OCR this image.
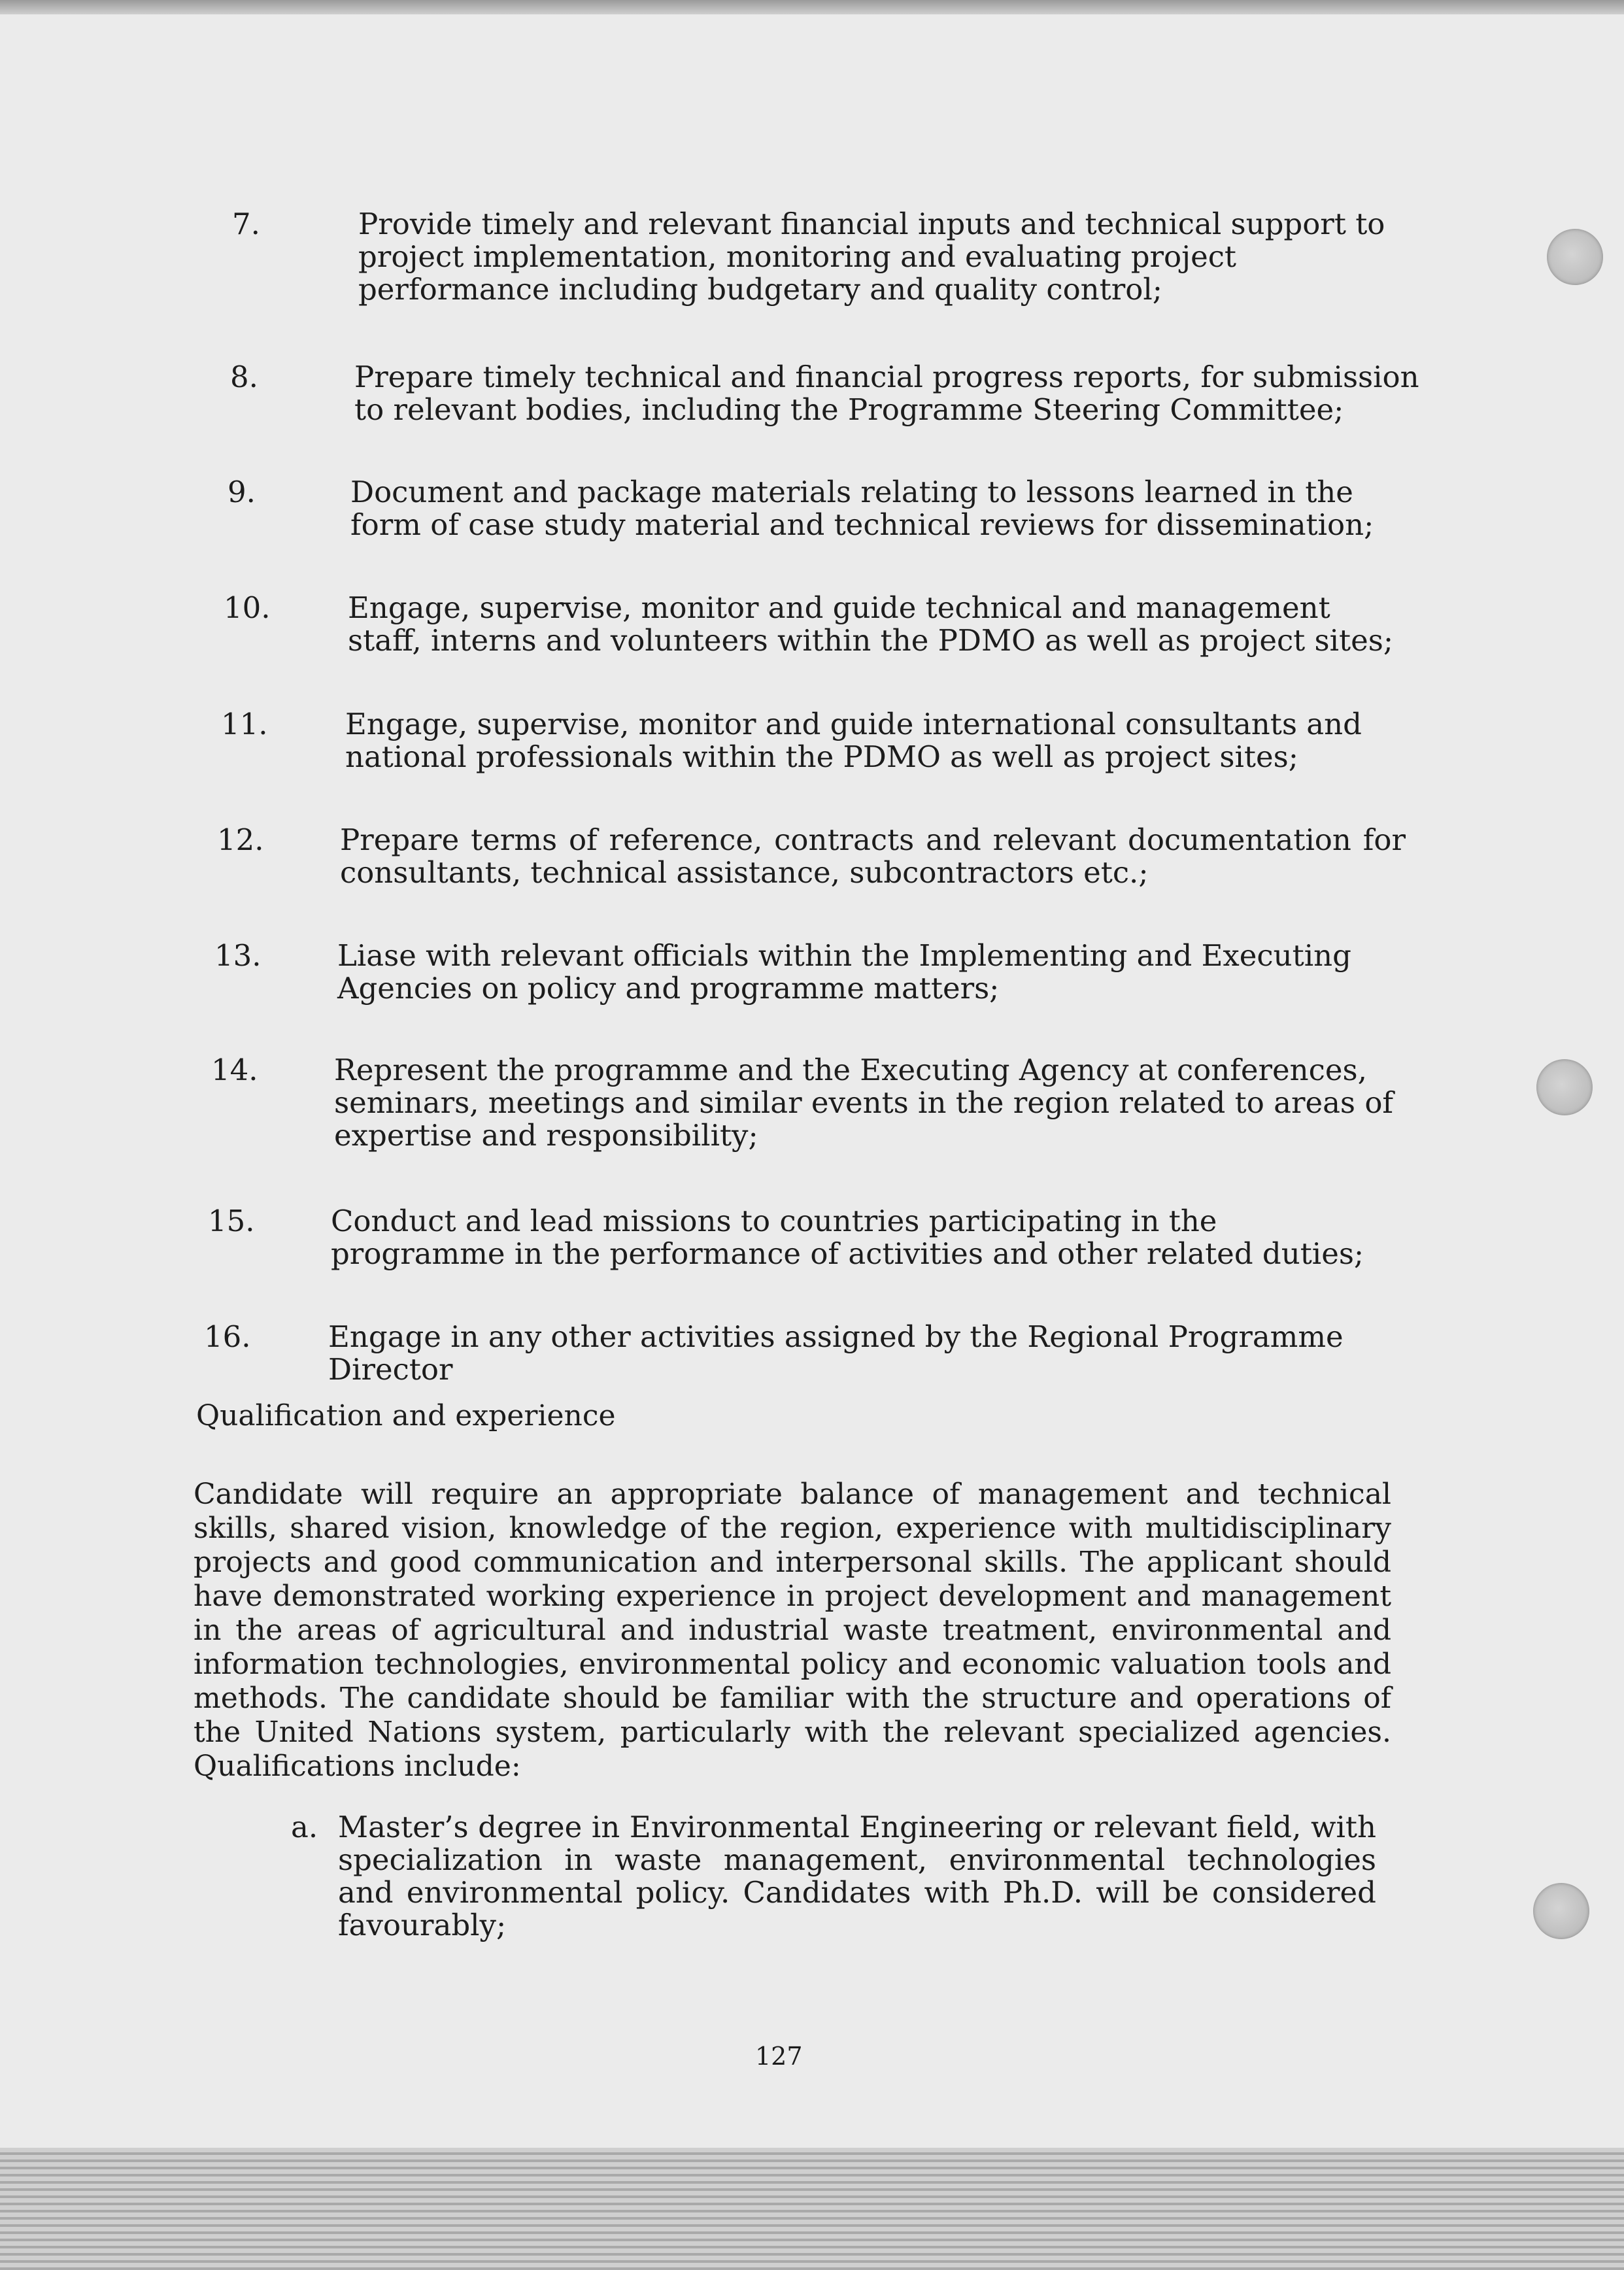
7.	Provide timely and relevant financial inputs and technical support to project implementation, monitoring and evaluating project performance including budgetary and quality control;
8.	Prepare timely technical and financial progress reports, for submission to relevant bodies, including the Programme Steering Committee;
9.	Document and package materials relating to lessons learned in the form of case study material and technical reviews for dissemination;
10.	Engage, supervise, monitor and guide technical and management staff, interns and volunteers within the PDMO as well as project sites;
11.	Engage, supervise, monitor and guide international consultants and national professionals within the PDMO as well as project sites;
12.	Prepare terms of reference, contracts and relevant documentation for consultants, technical assistance, subcontractors etc.;
13.	Liase with relevant officials within the Implementing and Executing Agencies on policy and programme matters;
14.	Represent the programme and the Executing Agency at conferences, seminars, meetings and similar events in the region related to areas of expertise and responsibility;
15.	Conduct and lead missions to countries participating in the programme in the performance of activities and other related duties;
16.	Engage in any other activities assigned by the Regional Programme Director
Qualification and experience
Candidate will require an appropriate balance of management and technical skills, shared vision, knowledge of the region, experience with multidisciplinary projects and good communication and interpersonal skills. The applicant should have demonstrated working experience in project development and management in the areas of agricultural and industrial waste treatment, environmental and information technologies, environmental policy and economic valuation tools and methods. The candidate should be familiar with the structure and operations of the United Nations system, particularly with the relevant specialized agencies. Qualifications include:
a. Master’s degree in Environmental Engineering or relevant field, with specialization in waste management, environmental technologies and environmental policy. Candidates with Ph.D. will be considered favourably;
127
